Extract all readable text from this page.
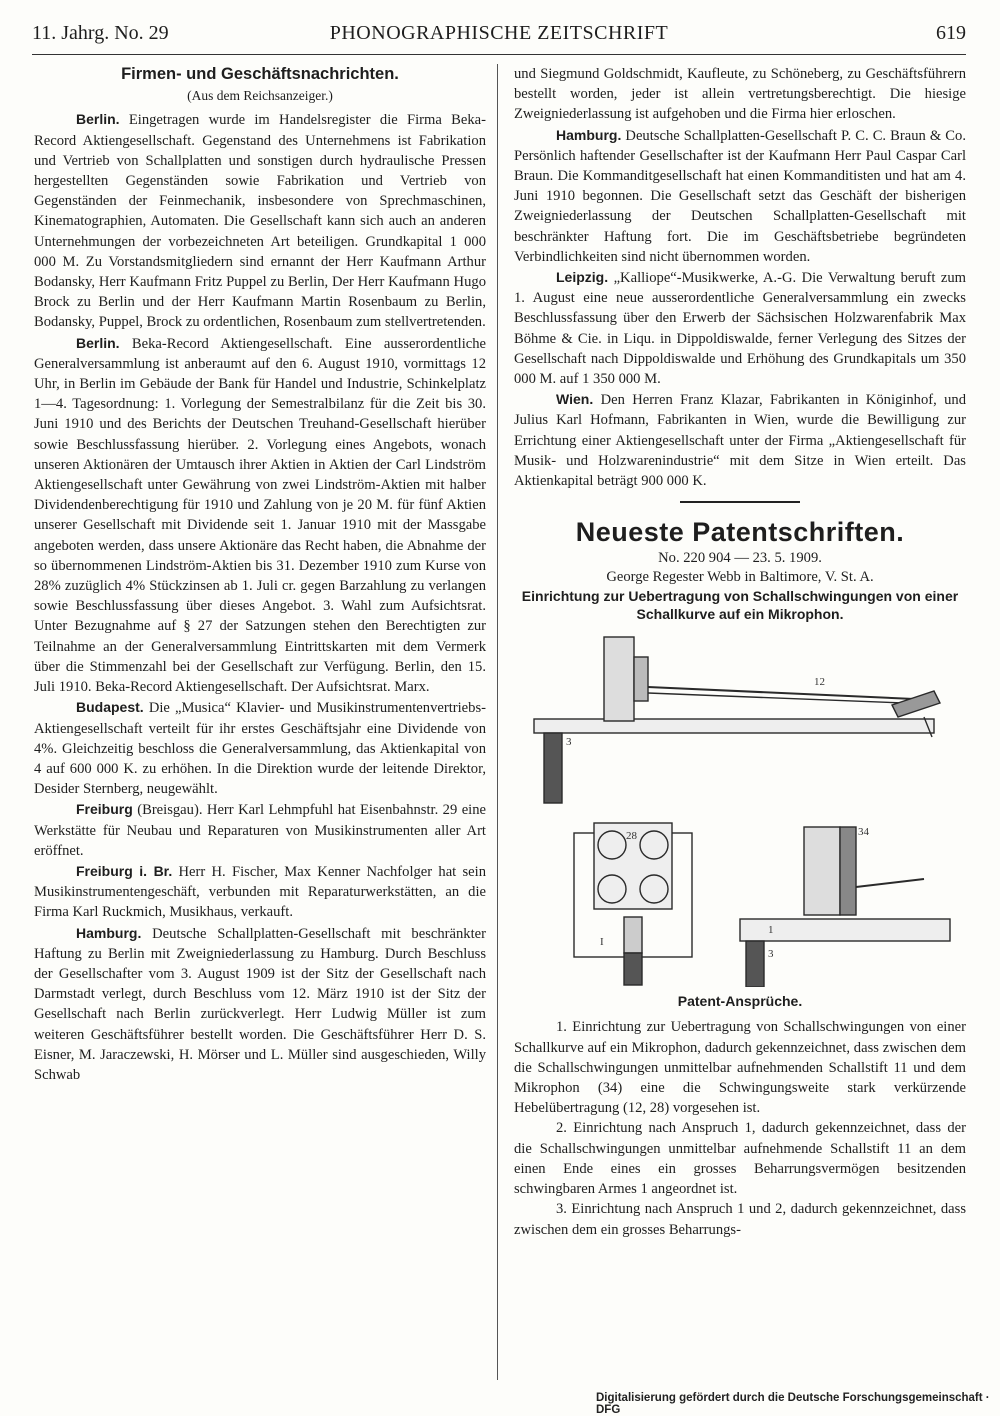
11. Jahrg. No. 29	PHONOGRAPHISCHE ZEITSCHRIFT	619
Firmen- und Geschäftsnachrichten.
(Aus dem Reichsanzeiger.)

Berlin. Eingetragen wurde im Handelsregister die Firma Beka-Record Aktiengesellschaft. Gegenstand des Unternehmens ist Fabrikation und Vertrieb von Schallplatten und sonstigen durch hydraulische Pressen hergestellten Gegenständen sowie Fabrikation und Vertrieb von Gegenständen der Feinmechanik, insbesondere von Sprechmaschinen, Kinematographien, Automaten. Die Gesellschaft kann sich auch an anderen Unternehmungen der vorbezeichneten Art beteiligen. Grundkapital 1 000 000 M. Zu Vorstandsmitgliedern sind ernannt der Herr Kaufmann Arthur Bodansky, Herr Kaufmann Fritz Puppel zu Berlin, Der Herr Kaufmann Hugo Brock zu Berlin und der Herr Kaufmann Martin Rosenbaum zu Berlin, Bodansky, Puppel, Brock zu ordentlichen, Rosenbaum zum stellvertretenden.

Berlin. Beka-Record Aktiengesellschaft. Eine ausserordentliche Generalversammlung ist anberaumt auf den 6. August 1910, vormittags 12 Uhr, in Berlin im Gebäude der Bank für Handel und Industrie, Schinkelplatz 1—4. Tagesordnung: 1. Vorlegung der Semestralbilanz für die Zeit bis 30. Juni 1910 und des Berichts der Deutschen Treuhand-Gesellschaft hierüber sowie Beschlussfassung hierüber. 2. Vorlegung eines Angebots, wonach unseren Aktionären der Umtausch ihrer Aktien in Aktien der Carl Lindström Aktiengesellschaft unter Gewährung von zwei Lindström-Aktien mit halber Dividendenberechtigung für 1910 und Zahlung von je 20 M. für fünf Aktien unserer Gesellschaft mit Dividende seit 1. Januar 1910 mit der Massgabe angeboten werden, dass unsere Aktionäre das Recht haben, die Abnahme der so übernommenen Lindström-Aktien bis 31. Dezember 1910 zum Kurse von 28% zuzüglich 4% Stückzinsen ab 1. Juli cr. gegen Barzahlung zu verlangen sowie Beschlussfassung über dieses Angebot. 3. Wahl zum Aufsichtsrat. Unter Bezugnahme auf § 27 der Satzungen stehen den Berechtigten zur Teilnahme an der Generalversammlung Eintrittskarten mit dem Vermerk über die Stimmenzahl bei der Gesellschaft zur Verfügung. Berlin, den 15. Juli 1910. Beka-Record Aktiengesellschaft. Der Aufsichtsrat. Marx.

Budapest. Die „Musica“ Klavier- und Musikinstrumentenvertriebs-Aktiengesellschaft verteilt für ihr erstes Geschäftsjahr eine Dividende von 4%. Gleichzeitig beschloss die Generalversammlung, das Aktienkapital von 4 auf 600 000 K. zu erhöhen. In die Direktion wurde der leitende Direktor, Desider Sternberg, neugewählt.

Freiburg (Breisgau). Herr Karl Lehmpfuhl hat Eisenbahnstr. 29 eine Werkstätte für Neubau und Reparaturen von Musikinstrumenten aller Art eröffnet.

Freiburg i. Br. Herr H. Fischer, Max Kenner Nachfolger hat sein Musikinstrumentengeschäft, verbunden mit Reparaturwerkstätten, an die Firma Karl Ruckmich, Musikhaus, verkauft.

Hamburg. Deutsche Schallplatten-Gesellschaft mit beschränkter Haftung zu Berlin mit Zweigniederlassung zu Hamburg. Durch Beschluss der Gesellschafter vom 3. August 1909 ist der Sitz der Gesellschaft nach Darmstadt verlegt, durch Beschluss vom 12. März 1910 ist der Sitz der Gesellschaft nach Berlin zurückverlegt. Herr Ludwig Müller ist zum weiteren Geschäftsführer bestellt worden. Die Geschäftsführer Herr D. S. Eisner, M. Jaraczewski, H. Mörser und L. Müller sind ausgeschieden, Willy Schwab

und Siegmund Goldschmidt, Kaufleute, zu Schöneberg, zu Geschäftsführern bestellt worden, jeder ist allein vertretungsberechtigt. Die hiesige Zweigniederlassung ist aufgehoben und die Firma hier erloschen.

Hamburg. Deutsche Schallplatten-Gesellschaft P. C. C. Braun & Co. Persönlich haftender Gesellschafter ist der Kaufmann Herr Paul Caspar Carl Braun. Die Kommanditgesellschaft hat einen Kommanditisten und hat am 4. Juni 1910 begonnen. Die Gesellschaft setzt das Geschäft der bisherigen Zweigniederlassung der Deutschen Schallplatten-Gesellschaft mit beschränkter Haftung fort. Die im Geschäftsbetriebe begründeten Verbindlichkeiten sind nicht übernommen worden.

Leipzig. „Kalliope“-Musikwerke, A.-G. Die Verwaltung beruft zum 1. August eine neue ausserordentliche Generalversammlung ein zwecks Beschlussfassung über den Erwerb der Sächsischen Holzwarenfabrik Max Böhme & Cie. in Liqu. in Dippoldiswalde, ferner Verlegung des Sitzes der Gesellschaft nach Dippoldiswalde und Erhöhung des Grundkapitals um 350 000 M. auf 1 350 000 M.

Wien. Den Herren Franz Klazar, Fabrikanten in Königinhof, und Julius Karl Hofmann, Fabrikanten in Wien, wurde die Bewilligung zur Errichtung einer Aktiengesellschaft unter der Firma „Aktiengesellschaft für Musik- und Holzwarenindustrie“ mit dem Sitze in Wien erteilt. Das Aktienkapital beträgt 900 000 K.

Neueste Patentschriften.
No. 220 904 — 23. 5. 1909.
George Regester Webb in Baltimore, V. St. A.
Einrichtung zur Uebertragung von Schallschwingungen von einer Schallkurve auf ein Mikrophon.
12
3
I
28	34
1
3
Patent-Ansprüche.

1. Einrichtung zur Uebertragung von Schallschwingungen von einer Schallkurve auf ein Mikrophon, dadurch gekennzeichnet, dass zwischen dem die Schallschwingungen unmittelbar aufnehmenden Schallstift 11 und dem Mikrophon (34) eine die Schwingungsweite stark verkürzende Hebelübertragung (12, 28) vorgesehen ist.

2. Einrichtung nach Anspruch 1, dadurch gekennzeichnet, dass der die Schallschwingungen unmittelbar aufnehmende Schallstift 11 an dem einen Ende eines ein grosses Beharrungsvermögen besitzenden schwingbaren Armes 1 angeordnet ist.

3. Einrichtung nach Anspruch 1 und 2, dadurch gekennzeichnet, dass zwischen dem ein grosses Beharrungs-

Digitalisierung gefördert durch die Deutsche Forschungsgemeinschaft · DFG
